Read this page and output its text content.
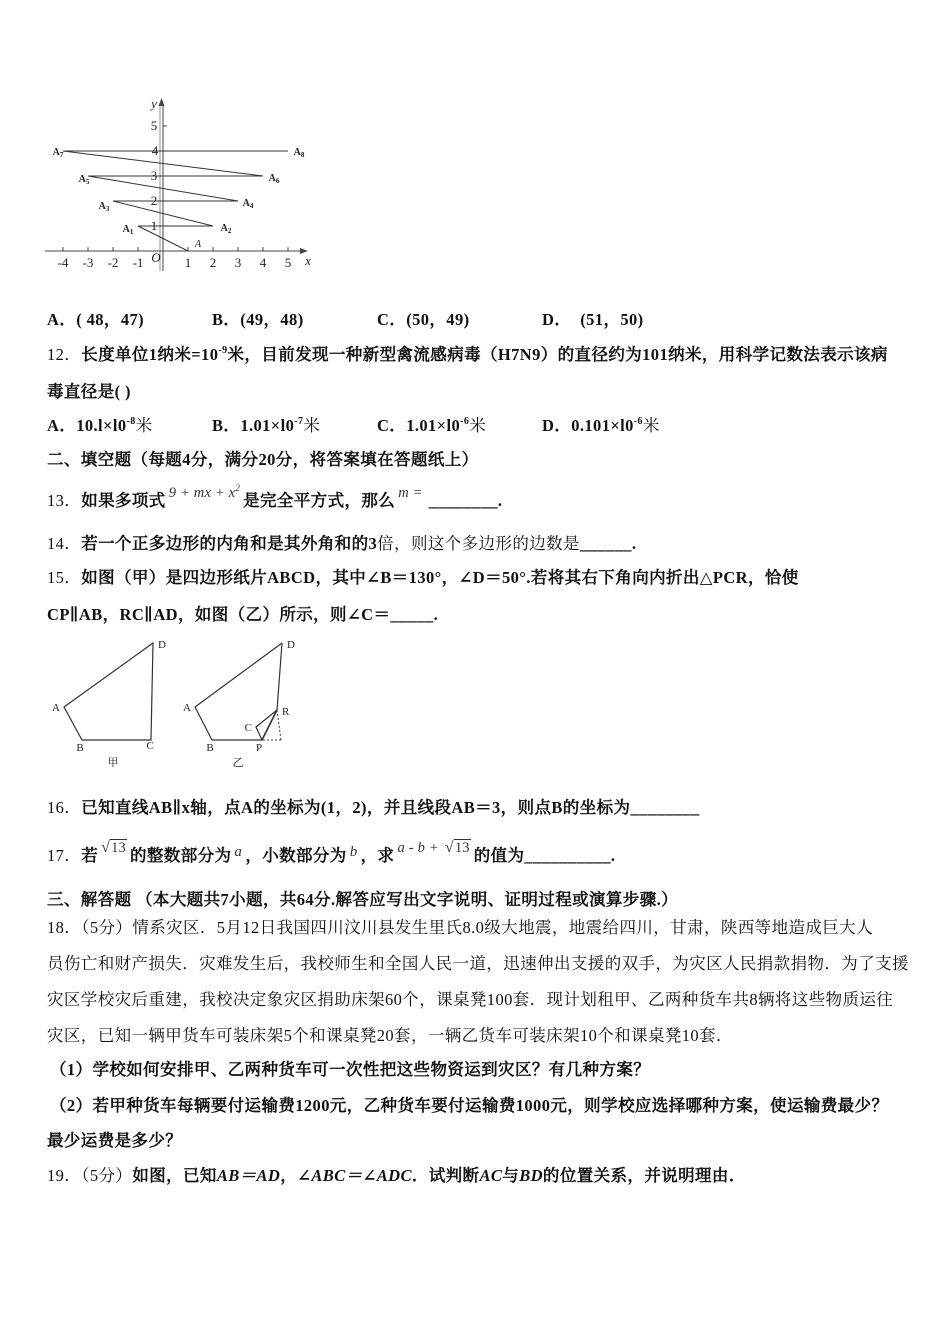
1
2
3
4
5
-4 -3 -2 -1	1 2 3 4 5
O	x
y
A
$A_1$	$A_2$
$A_3$	$A_4$
$A_5$	$A_6$
$A_7$	$A_8$
A．( 48，47)	B．(49，48)	C．(50，49)	D．  (51，50)
12．长度单位1纳米$=10^{-9}$米，目前发现一种新型禽流感病毒（H7N9）的直径约为101纳米，用科学记数法表示该病
毒直径是( )
A．$10.l\times l0^{-8}$米	B．$1.01\times l0^{-7}$米	C．$1.01\times l0^{-6}$米	D．$0.101\times l0^{-6}$米
二、填空题（每题4分，满分20分，将答案填在答题纸上）
13．如果多项式 9 + mx + $x^2$是完全平方式，那么 m = ________.
14．若一个正多边形的内角和是其外角和的3倍，则这个多边形的边数是______.
15．如图（甲）是四边形纸片ABCD，其中∠B＝130°，∠D＝50°.若将其右下角向内折出△PCR，恰使
CP∥AB，RC∥AD，如图（乙）所示，则∠C＝_____.
D
A
B	C
甲
D
A
C
R
B	P
乙
16．已知直线AB∥x轴，点A的坐标为(1，2)，并且线段AB＝3，则点B的坐标为________
17．若 √13 的整数部分为 a ，小数部分为 b ，求 a - b + √13 的值为__________.
三、解答题 （本大题共7小题，共64分.解答应写出文字说明、证明过程或演算步骤.）
18．（5分）情系灾区．5月12日我国四川汶川县发生里氏8.0级大地震，地震给四川，甘肃，陕西等地造成巨大人
员伤亡和财产损失．灾难发生后，我校师生和全国人民一道，迅速伸出支援的双手，为灾区人民捐款捐物．为了支援
灾区学校灾后重建，我校决定象灾区捐助床架60个，课桌凳100套．现计划租甲、乙两种货车共8辆将这些物质运往
灾区，已知一辆甲货车可装床架5个和课桌凳20套，一辆乙货车可装床架10个和课桌凳10套．
（1）学校如何安排甲、乙两种货车可一次性把这些物资运到灾区？有几种方案？
（2）若甲种货车每辆要付运输费1200元，乙种货车要付运输费1000元，则学校应选择哪种方案，使运输费最少？
最少运费是多少？
19．（5分）如图，已知AB＝AD，∠ABC＝∠ADC．试判断AC与BD的位置关系，并说明理由．
